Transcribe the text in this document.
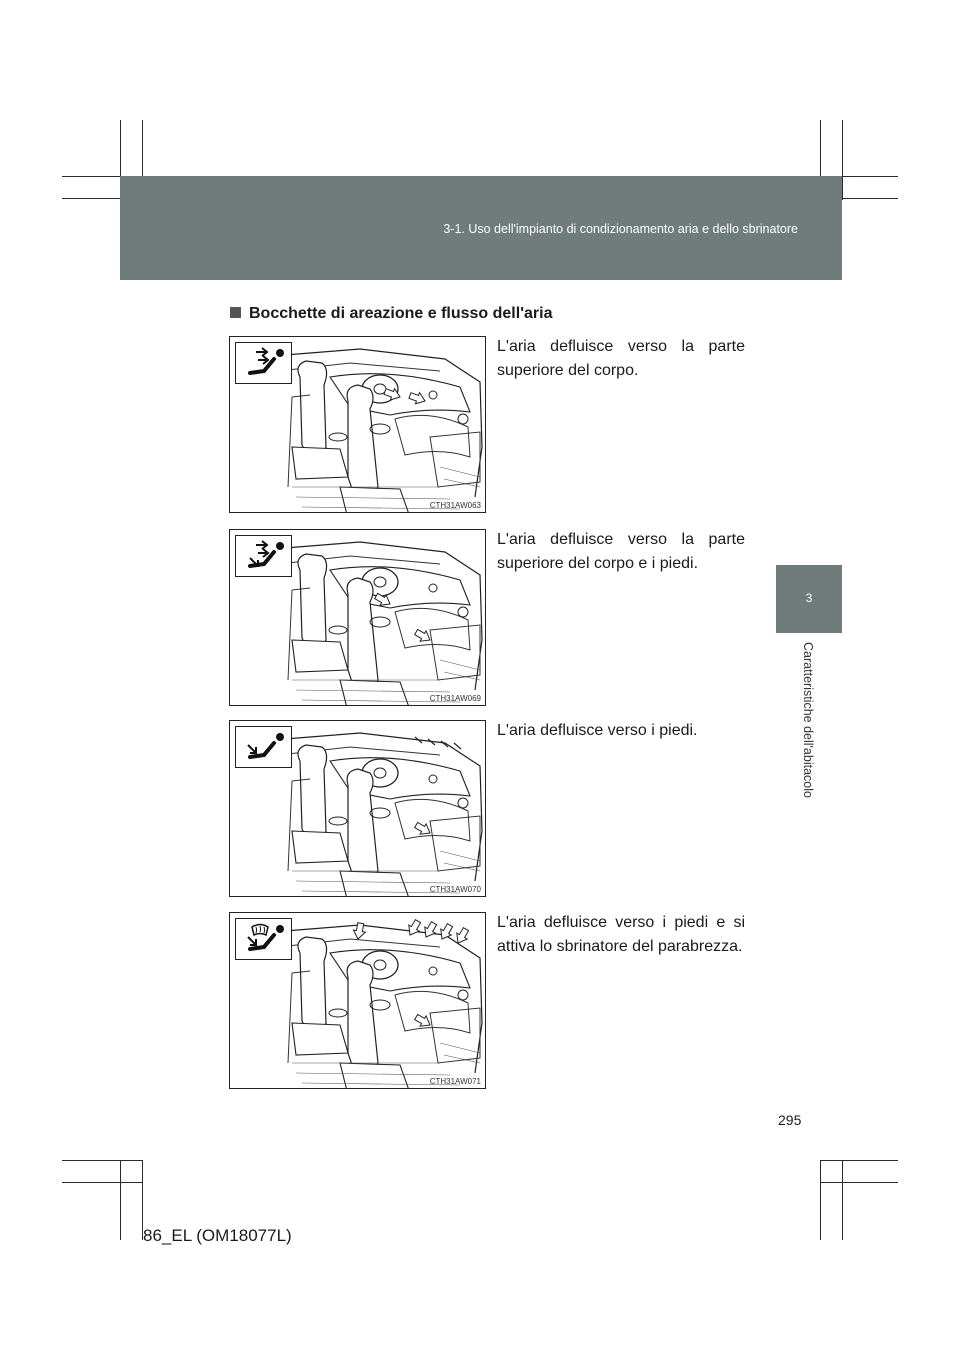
3-1. Uso dell'impianto di condizionamento aria e dello sbrinatore
3
Caratteristiche dell'abitacolo
Bocchette di areazione e flusso dell'aria
CTH31AW063
L'aria defluisce verso la parte superiore del corpo.
CTH31AW069
L'aria defluisce verso la parte superiore del corpo e i piedi.
CTH31AW070
L'aria defluisce verso i piedi.
CTH31AW071
L'aria defluisce verso i piedi e si attiva lo sbrinatore del parabrezza.
295
86_EL (OM18077L)
